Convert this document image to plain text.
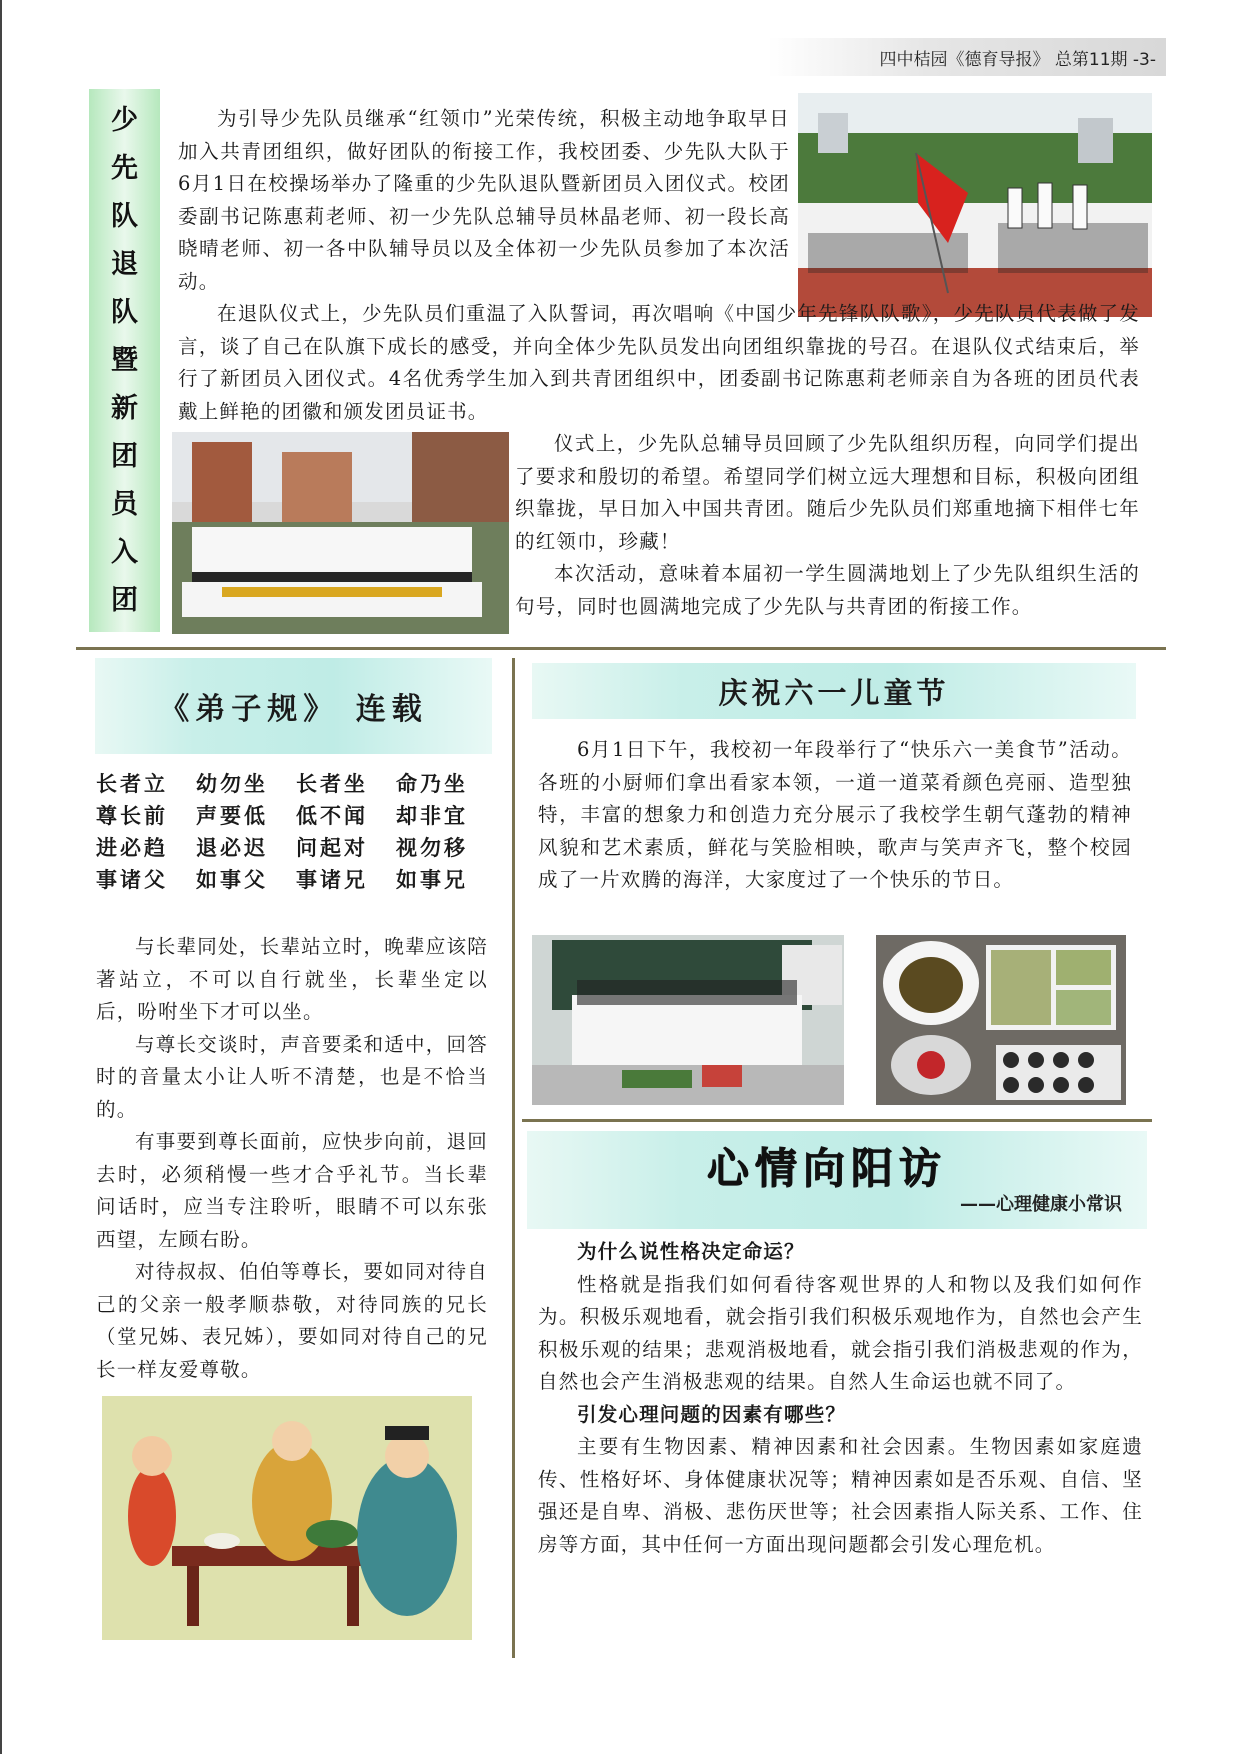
四中桔园《德育导报》 总第11期 -3-
少
先
队
退
队
暨
新
团
员
入
团

为引导少先队员继承“红领巾”光荣传统，积极主动地争取早日加入共青团组织，做好团队的衔接工作，我校团委、少先队大队于6月1日在校操场举办了隆重的少先队退队暨新团员入团仪式。校团委副书记陈惠莉老师、初一少先队总辅导员林晶老师、初一段长高晓晴老师、初一各中队辅导员以及全体初一少先队员参加了本次活动。

在退队仪式上，少先队员们重温了入队誓词，再次唱响《中国少年先锋队队歌》，少先队员代表做了发言，谈了自己在队旗下成长的感受，并向全体少先队员发出向团组织靠拢的号召。在退队仪式结束后，举行了新团员入团仪式。4名优秀学生加入到共青团组织中，团委副书记陈惠莉老师亲自为各班的团员代表戴上鲜艳的团徽和颁发团员证书。

仪式上，少先队总辅导员回顾了少先队组织历程，向同学们提出了要求和殷切的希望。希望同学们树立远大理想和目标，积极向团组织靠拢，早日加入中国共青团。随后少先队员们郑重地摘下相伴七年的红领巾，珍藏！

本次活动，意味着本届初一学生圆满地划上了少先队组织生活的句号，同时也圆满地完成了少先队与共青团的衔接工作。

《弟子规》 连载
长者立	幼勿坐	长者坐	命乃坐
尊长前	声要低	低不闻	却非宜
进必趋	退必迟	问起对	视勿移
事诸父	如事父	事诸兄	如事兄

与长辈同处，长辈站立时，晚辈应该陪著站立，不可以自行就坐，长辈坐定以后，吩咐坐下才可以坐。

与尊长交谈时，声音要柔和适中，回答时的音量太小让人听不清楚，也是不恰当的。

有事要到尊长面前，应快步向前，退回去时，必须稍慢一些才合乎礼节。当长辈问话时，应当专注聆听，眼睛不可以东张西望，左顾右盼。

对待叔叔、伯伯等尊长，要如同对待自己的父亲一般孝顺恭敬，对待同族的兄长（堂兄姊、表兄姊），要如同对待自己的兄长一样友爱尊敬。

庆祝六一儿童节

6月1日下午，我校初一年段举行了“快乐六一美食节”活动。各班的小厨师们拿出看家本领，一道一道菜肴颜色亮丽、造型独特，丰富的想象力和创造力充分展示了我校学生朝气蓬勃的精神风貌和艺术素质，鲜花与笑脸相映，歌声与笑声齐飞，整个校园成了一片欢腾的海洋，大家度过了一个快乐的节日。

心情向阳访
——心理健康小常识

为什么说性格决定命运？

性格就是指我们如何看待客观世界的人和物以及我们如何作为。积极乐观地看，就会指引我们积极乐观地作为，自然也会产生积极乐观的结果；悲观消极地看，就会指引我们消极悲观的作为，自然也会产生消极悲观的结果。自然人生命运也就不同了。

引发心理问题的因素有哪些？

主要有生物因素、精神因素和社会因素。生物因素如家庭遗传、性格好坏、身体健康状况等；精神因素如是否乐观、自信、坚强还是自卑、消极、悲伤厌世等；社会因素指人际关系、工作、住房等方面，其中任何一方面出现问题都会引发心理危机。
